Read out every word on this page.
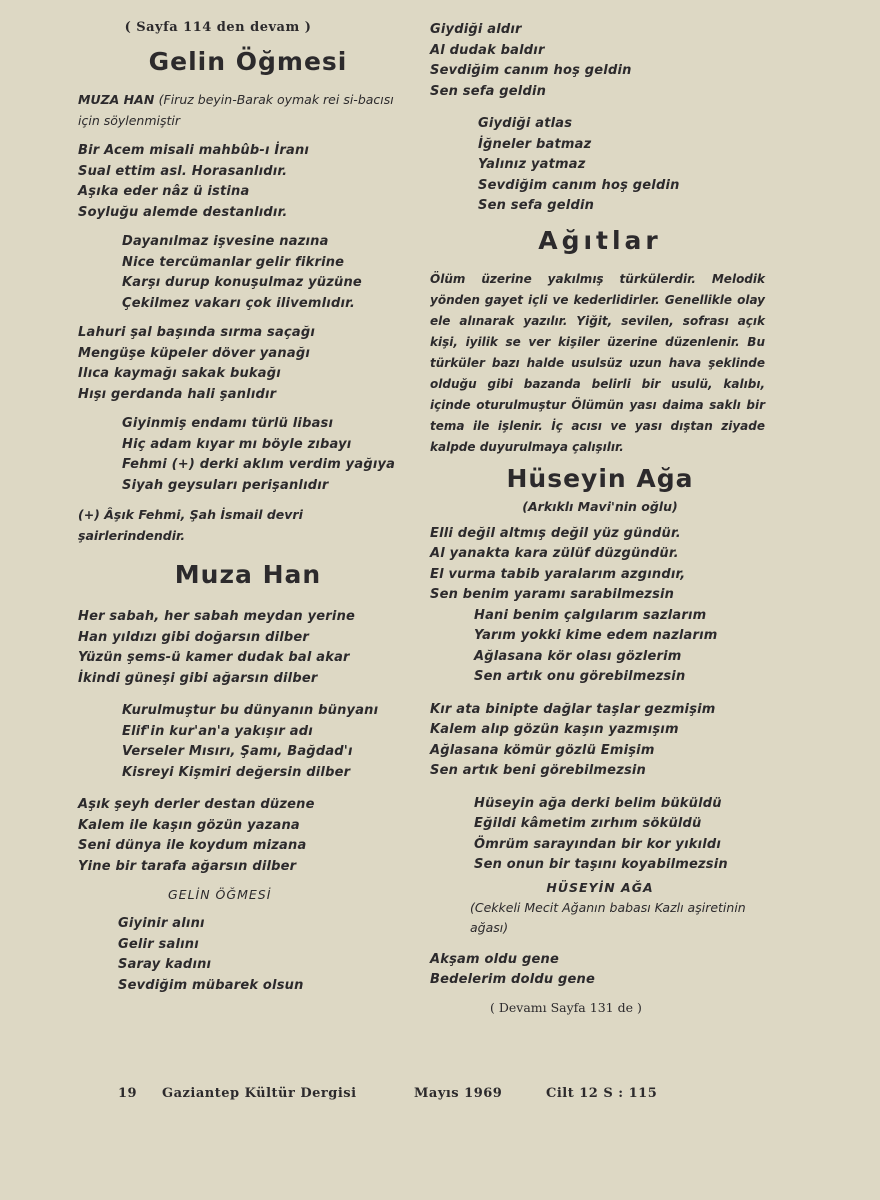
( Sayfa 114 den devam )
Gelin Öğmesi
MUZA HAN (Firuz beyin-Barak oymak rei si-bacısı için söylenmiştir
Bir Acem misali mahbûb-ı İranı
Sual ettim asl. Horasanlıdır.
Aşıka eder nâz ü istina
Soyluğu alemde destanlıdır.
Dayanılmaz işvesine nazına
Nice tercümanlar gelir fikrine
Karşı durup konuşulmaz yüzüne
Çekilmez vakarı çok ilivemlıdır.
Lahuri şal başında sırma saçağı
Mengüşe küpeler döver yanağı
Ilıca kaymağı sakak bukağı
Hışı gerdanda hali şanlıdır
Giyinmiş endamı türlü libası
Hiç adam kıyar mı böyle zıbayı
Fehmi (+) derki aklım verdim yağıya
Siyah geysuları perişanlıdır
(+) Âşık Fehmi, Şah İsmail devri şairlerindendir.
Muza Han
Her sabah, her sabah meydan yerine
Han yıldızı gibi doğarsın dilber
Yüzün şems-ü kamer dudak bal akar
İkindi güneşi gibi ağarsın dilber
Kurulmuştur bu dünyanın bünyanı
Elif'in kur'an'a yakışır adı
Verseler Mısırı, Şamı, Bağdad'ı
Kisreyi Kişmiri değersin dilber
Aşık şeyh derler destan düzene
Kalem ile kaşın gözün yazana
Seni dünya ile koydum mizana
Yine bir tarafa ağarsın dilber
GELİN ÖĞMESİ
Giyinir alını
Gelir salını
Saray kadını
Sevdiğim mübarek olsun
Giydiği aldır
Al dudak baldır
Sevdiğim canım hoş geldin
Sen sefa geldin
Giydiği atlas
İğneler batmaz
Yalınız yatmaz
Sevdiğim canım hoş geldin
Sen sefa geldin
Ağıtlar
Ölüm üzerine yakılmış türkülerdir. Melodik yönden gayet içli ve kederlidirler. Genellikle olay ele alınarak yazılır. Yiğit, sevilen, sofrası açık kişi, iyilik se ver kişiler üzerine düzenlenir. Bu türküler bazı halde usulsüz uzun hava şeklinde olduğu gibi bazanda belirli bir usulü, kalıbı, içinde oturulmuştur Ölümün yası daima saklı bir tema ile işlenir. İç acısı ve yası dıştan ziyade kalpde duyurulmaya çalışılır.
Hüseyin Ağa
(Arkıklı Mavi'nin oğlu)
Elli değil altmış değil yüz gündür.
Al yanakta kara zülüf düzgündür.
El vurma tabib yaralarım azgındır,
Sen benim yaramı sarabilmezsin
Hani benim çalgılarım sazlarım
Yarım yokki kime edem nazlarım
Ağlasana kör olası gözlerim
Sen artık onu görebilmezsin
Kır ata binipte dağlar taşlar gezmişim
Kalem alıp gözün kaşın yazmışım
Ağlasana kömür gözlü Emişim
Sen artık beni görebilmezsin
Hüseyin ağa derki belim büküldü
Eğildi kâmetim zırhım söküldü
Ömrüm sarayından bir kor yıkıldı
Sen onun bir taşını koyabilmezsin
HÜSEYİN AĞA
(Cekkeli Mecit Ağanın babası Kazlı aşiretinin ağası)
Akşam oldu gene
Bedelerim doldu gene
( Devamı Sayfa 131 de )
19 Gaziantep Kültür Dergisi	Mayıs 1969	Cilt 12 S : 115
